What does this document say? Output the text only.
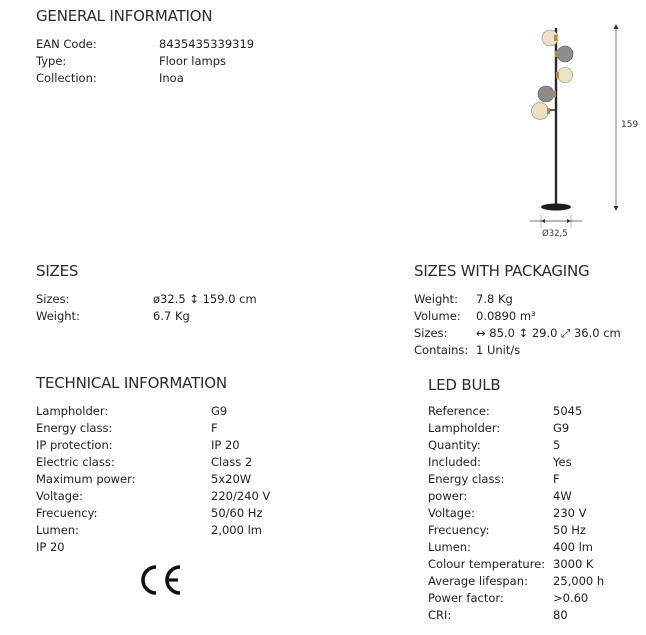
GENERAL INFORMATION
EAN Code:	8435435339319
Type:	Floor lamps
Collection:	Inoa
159
Ø32,5
SIZES
Sizes:	ø32.5 ↕ 159.0 cm
Weight:	6.7 Kg
SIZES WITH PACKAGING
Weight: 7.8 Kg
Volume: 0.0890 m³
Sizes: ↔ 85.0 ↕ 29.0 ⤢ 36.0 cm
Contains: 1 Unit/s
TECHNICAL INFORMATION
Lampholder:	G9
Energy class:	F
IP protection:	IP 20
Electric class:	Class 2
Maximum power:	5x20W
Voltage:	220/240 V
Frecuency:	50/60 Hz
Lumen:	2,000 lm
IP 20
LED BULB
Reference:	5045
Lampholder:	G9
Quantity:	5
Included:	Yes
Energy class:	F
power:	4W
Voltage:	230 V
Frecuency:	50 Hz
Lumen:	400 lm
Colour temperature: 3000 K
Average lifespan: 25,000 h
Power factor:	>0.60
CRI:	80
